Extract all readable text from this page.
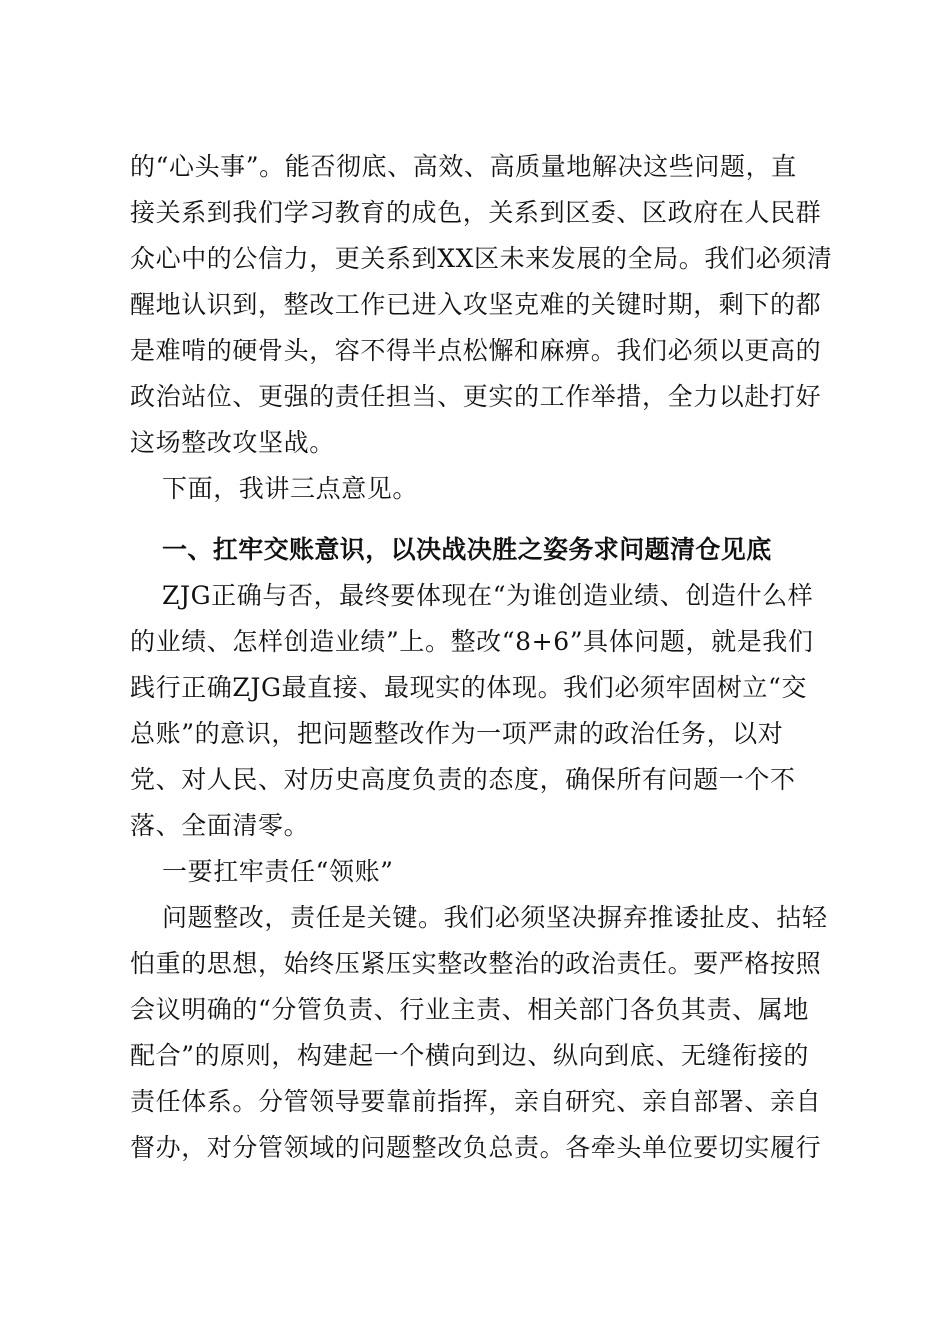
的“心头事”。能否彻底、高效、高质量地解决这些问题，直
接关系到我们学习教育的成色，关系到区委、区政府在人民群
众心中的公信力，更关系到XX区未来发展的全局。我们必须清
醒地认识到，整改工作已进入攻坚克难的关键时期，剩下的都
是难啃的硬骨头，容不得半点松懈和麻痹。我们必须以更高的
政治站位、更强的责任担当、更实的工作举措，全力以赴打好
这场整改攻坚战。
下面，我讲三点意见。
一、扛牢交账意识，以决战决胜之姿务求问题清仓见底
ZJG正确与否，最终要体现在“为谁创造业绩、创造什么样
的业绩、怎样创造业绩”上。整改“8+6”具体问题，就是我们
践行正确ZJG最直接、最现实的体现。我们必须牢固树立“交
总账”的意识，把问题整改作为一项严肃的政治任务，以对
党、对人民、对历史高度负责的态度，确保所有问题一个不
落、全面清零。
一要扛牢责任“领账”
问题整改，责任是关键。我们必须坚决摒弃推诿扯皮、拈轻
怕重的思想，始终压紧压实整改整治的政治责任。要严格按照
会议明确的“分管负责、行业主责、相关部门各负其责、属地
配合”的原则，构建起一个横向到边、纵向到底、无缝衔接的
责任体系。分管领导要靠前指挥，亲自研究、亲自部署、亲自
督办，对分管领域的问题整改负总责。各牵头单位要切实履行
